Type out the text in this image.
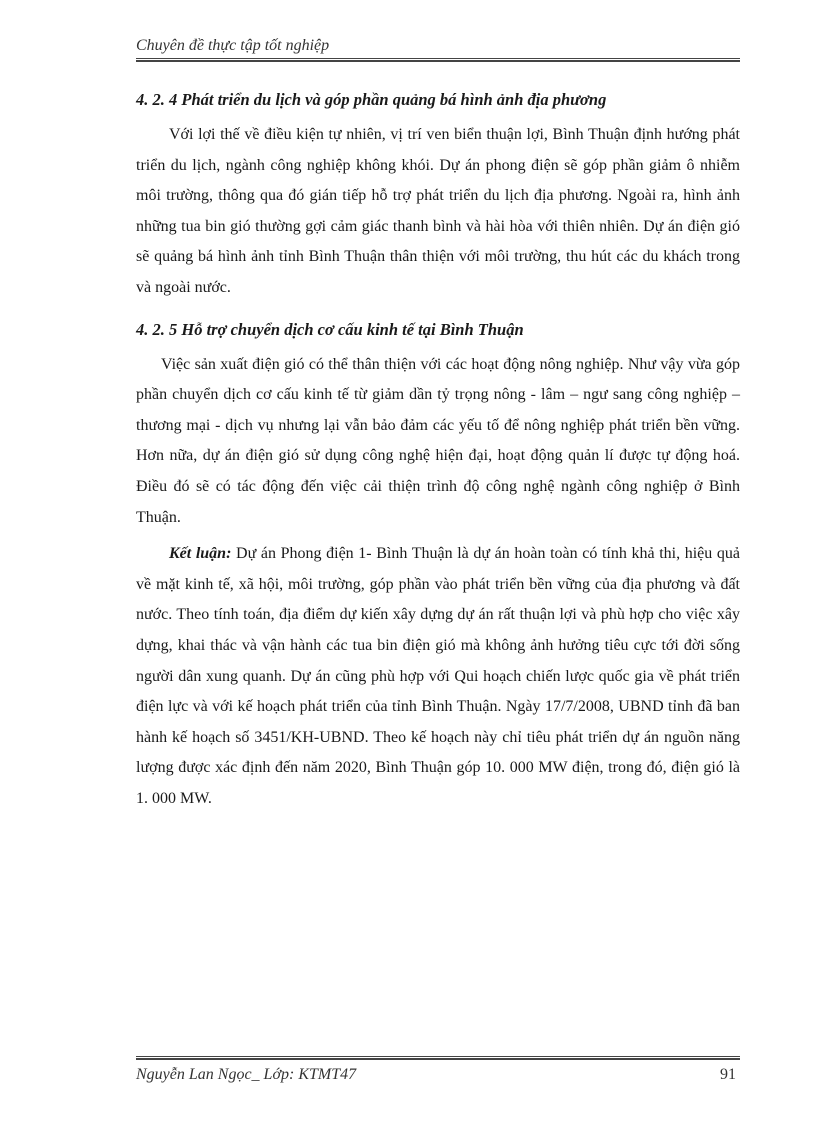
Chuyên đề thực tập tốt nghiệp
4. 2. 4 Phát triển du lịch và góp phần quảng bá hình ảnh địa phương

Với lợi thế về điều kiện tự nhiên, vị trí ven biển thuận lợi, Bình Thuận định hướng phát triển du lịch, ngành công nghiệp không khói. Dự án phong điện sẽ góp phần giảm ô nhiễm môi trường, thông qua đó gián tiếp hỗ trợ phát triển du lịch địa phương. Ngoài ra, hình ảnh những tua bin gió thường gợi cảm giác thanh bình và hài hòa với thiên nhiên. Dự án điện gió sẽ quảng bá hình ảnh tỉnh Bình Thuận thân thiện với môi trường, thu hút các du khách trong và ngoài nước.

4. 2. 5 Hỗ trợ chuyển dịch cơ cấu kinh tế tại Bình Thuận

Việc sản xuất điện gió có thể thân thiện với các hoạt động nông nghiệp. Như vậy vừa góp phần chuyển dịch cơ cấu kinh tế từ giảm dần tỷ trọng nông - lâm – ngư sang công nghiệp – thương mại - dịch vụ nhưng lại vẫn bảo đảm các yếu tố để nông nghiệp phát triển bền vững. Hơn nữa, dự án điện gió sử dụng công nghệ hiện đại, hoạt động quản lí được tự động hoá. Điều đó sẽ có tác động đến việc cải thiện trình độ công nghệ ngành công nghiệp ở Bình Thuận.

Kết luận: Dự án Phong điện 1- Bình Thuận là dự án hoàn toàn có tính khả thi, hiệu quả về mặt kinh tế, xã hội, môi trường, góp phần vào phát triển bền vững của địa phương và đất nước. Theo tính toán, địa điểm dự kiến xây dựng dự án rất thuận lợi và phù hợp cho việc xây dựng, khai thác và vận hành các tua bin điện gió mà không ảnh hưởng tiêu cực tới đời sống người dân xung quanh. Dự án cũng phù hợp với Qui hoạch chiến lược quốc gia về phát triển điện lực và với kế hoạch phát triển của tỉnh Bình Thuận. Ngày 17/7/2008, UBND tỉnh đã ban hành kế hoạch số 3451/KH-UBND. Theo kế hoạch này chỉ tiêu phát triển dự án nguồn năng lượng được xác định đến năm 2020, Bình Thuận góp 10. 000 MW điện, trong đó, điện gió là 1. 000 MW.

Nguyễn Lan Ngọc_ Lớp: KTMT47	91
